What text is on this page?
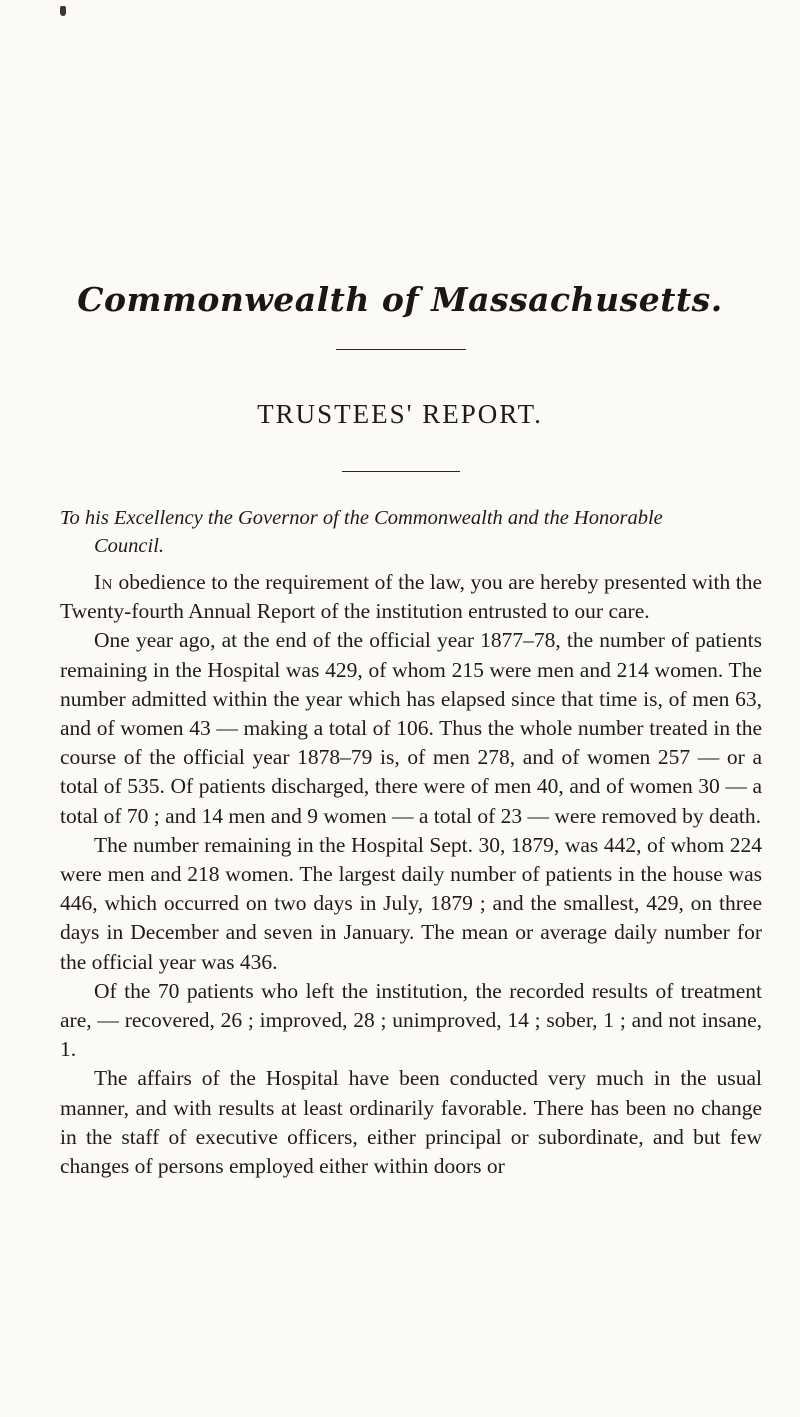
Commonwealth of Massachusetts.
TRUSTEES' REPORT.
To his Excellency the Governor of the Commonwealth and the Honorable
Council.

In obedience to the requirement of the law, you are hereby presented with the Twenty-fourth Annual Report of the institution entrusted to our care.

One year ago, at the end of the official year 1877–78, the number of patients remaining in the Hospital was 429, of whom 215 were men and 214 women. The number admitted within the year which has elapsed since that time is, of men 63, and of women 43 — making a total of 106. Thus the whole number treated in the course of the official year 1878–79 is, of men 278, and of women 257 — or a total of 535. Of patients discharged, there were of men 40, and of women 30 — a total of 70 ; and 14 men and 9 women — a total of 23 — were removed by death.

The number remaining in the Hospital Sept. 30, 1879, was 442, of whom 224 were men and 218 women. The largest daily number of patients in the house was 446, which occurred on two days in July, 1879 ; and the smallest, 429, on three days in December and seven in January. The mean or average daily number for the official year was 436.

Of the 70 patients who left the institution, the recorded results of treatment are, — recovered, 26 ; improved, 28 ; unimproved, 14 ; sober, 1 ; and not insane, 1.

The affairs of the Hospital have been conducted very much in the usual manner, and with results at least ordinarily favorable. There has been no change in the staff of executive officers, either principal or subordinate, and but few changes of persons employed either within doors or
